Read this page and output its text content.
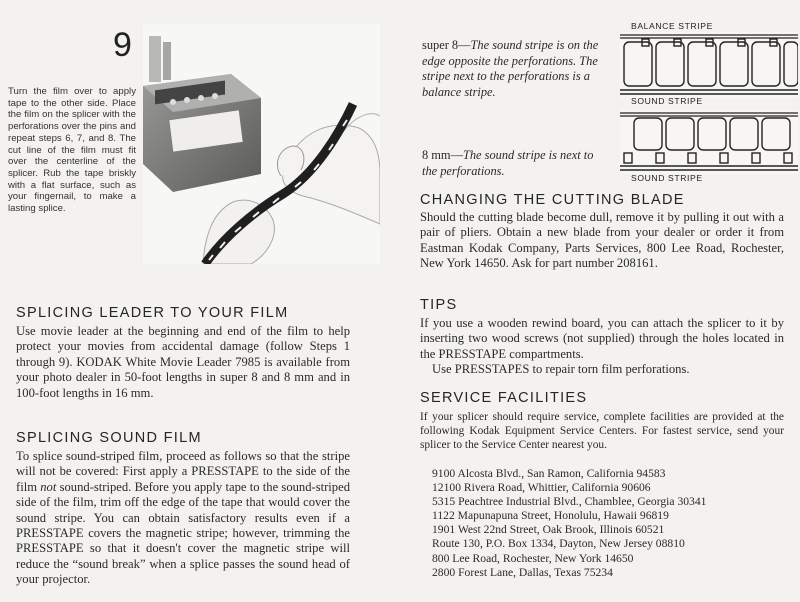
9
Turn the film over to apply tape to the other side. Place the film on the splicer with the perforations over the pins and repeat steps 6, 7, and 8. The cut line of the film must fit over the centerline of the splicer. Rub the tape briskly with a flat surface, such as your fingernail, to make a lasting splice.
super 8—The sound stripe is on the edge opposite the perforations. The stripe next to the perforations is a balance stripe.
8 mm—The sound stripe is next to the perforations.
BALANCE STRIPE
SOUND STRIPE
SOUND STRIPE
CHANGING THE CUTTING BLADE
Should the cutting blade become dull, remove it by pulling it out with a pair of pliers. Obtain a new blade from your dealer or order it from Eastman Kodak Company, Parts Services, 800 Lee Road, Rochester, New York 14650. Ask for part number 208161.
TIPS
If you use a wooden rewind board, you can attach the splicer to it by inserting two wood screws (not supplied) through the holes located in the PRESSTAPE compartments.
Use PRESSTAPES to repair torn film perforations.
SERVICE FACILITIES
If your splicer should require service, complete facilities are provided at the following Kodak Equipment Service Centers. For fastest service, send your splicer to the Service Center nearest you.
9100 Alcosta Blvd., San Ramon, California 94583
12100 Rivera Road, Whittier, California 90606
5315 Peachtree Industrial Blvd., Chamblee, Georgia 30341
1122 Mapunapuna Street, Honolulu, Hawaii 96819
1901 West 22nd Street, Oak Brook, Illinois 60521
Route 130, P.O. Box 1334, Dayton, New Jersey 08810
800 Lee Road, Rochester, New York 14650
2800 Forest Lane, Dallas, Texas 75234
SPLICING LEADER TO YOUR FILM
Use movie leader at the beginning and end of the film to help protect your movies from accidental damage (follow Steps 1 through 9). KODAK White Movie Leader 7985 is available from your photo dealer in 50-foot lengths in super 8 and 8 mm and in 100-foot lengths in 16 mm.
SPLICING SOUND FILM
To splice sound-striped film, proceed as follows so that the stripe will not be covered: First apply a PRESSTAPE to the side of the film not sound-striped. Before you apply tape to the sound-striped side of the film, trim off the edge of the tape that would cover the sound stripe. You can obtain satisfactory results even if a PRESSTAPE covers the magnetic stripe; however, trimming the PRESSTAPE so that it doesn't cover the magnetic stripe will reduce the “sound break” when a splice passes the sound head of your projector.
